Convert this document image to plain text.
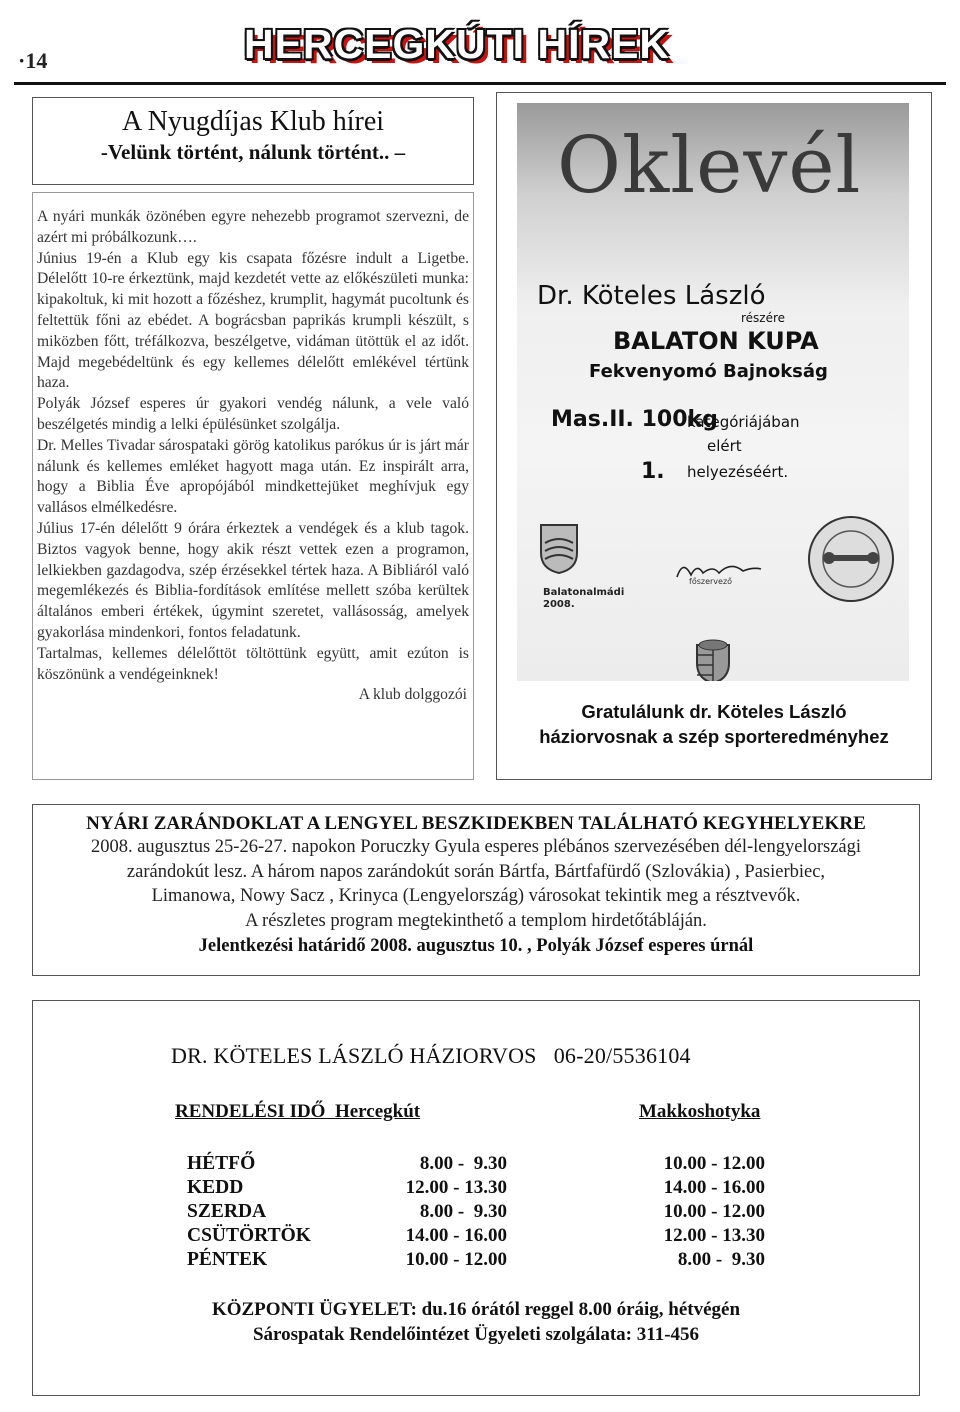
·14	HERCEGKÚTI HÍREK
A Nyugdíjas Klub hírei
-Velünk történt, nálunk történt.. –

A nyári munkák özönében egyre nehezebb programot szervezni, de azért mi próbálkozunk….

Június 19-én a Klub egy kis csapata főzésre indult a Ligetbe. Délelőtt 10-re érkeztünk, majd kezdetét vette az előkészületi munka: kipakoltuk, ki mit hozott a főzéshez, krumplit, hagymát pucoltunk és feltettük főni az ebédet. A bográcsban paprikás krumpli készült, s miközben főtt, tréfálkozva, beszélgetve, vidáman ütöttük el az időt. Majd megebédeltünk és egy kellemes délelőtt emlékével tértünk haza.

Polyák József esperes úr gyakori vendég nálunk, a vele való beszélgetés mindig a lelki épülésünket szolgálja.

Dr. Melles Tivadar sárospataki görög katolikus parókus úr is járt már nálunk és kellemes emléket hagyott maga után. Ez inspirált arra, hogy a Biblia Éve apropójából mindkettejüket meghívjuk egy vallásos elmélkedésre.

Július 17-én délelőtt 9 órára érkeztek a vendégek és a klub tagok. Biztos vagyok benne, hogy akik részt vettek ezen a programon, lelkiekben gazdagodva, szép érzésekkel tértek haza. A Bibliáról való megemlékezés és Biblia-fordítások említése mellett szóba kerültek általános emberi értékek, úgymint szeretet, vallásosság, amelyek gyakorlása mindenkori, fontos feladatunk.

Tartalmas, kellemes délelőttöt töltöttünk együtt, amit ezúton is köszönünk a vendégeinknek!

A klub dolggozói

Oklevél
Dr. Köteles László
részére
BALATON KUPA
Fekvenyomó Bajnokság
Mas.II. 100kg
kategóriájában
elért
1. helyezéséért.
Balatonalmádi
2008.
főszervező
Gratulálunk dr. Köteles László
háziorvosnak a szép sporteredményhez
NYÁRI ZARÁNDOKLAT A LENGYEL BESZKIDEKBEN TALÁLHATÓ KEGYHELYEKRE
2008. augusztus 25-26-27. napokon Poruczky Gyula esperes plébános szervezésében dél-lengyelországi
zarándokút lesz. A három napos zarándokút során Bártfa, Bártfafürdő (Szlovákia) , Pasierbiec,
Limanowa, Nowy Sacz , Krinyca (Lengyelország) városokat tekintik meg a résztvevők.
A részletes program megtekinthető a templom hirdetőtábláján.
Jelentkezési határidő 2008. augusztus 10. , Polyák József esperes úrnál
DR. KÖTELES LÁSZLÓ HÁZIORVOS   06-20/5536104
RENDELÉSI IDŐ  Hercegkút	Makkoshotyka
HÉTFŐ	8.00 -  9.30	10.00 - 12.00
KEDD	12.00 - 13.30	14.00 - 16.00
SZERDA	8.00 -  9.30	10.00 - 12.00
CSÜTÖRTÖK	14.00 - 16.00	12.00 - 13.30
PÉNTEK	10.00 - 12.00	8.00 -  9.30
KÖZPONTI ÜGYELET: du.16 órától reggel 8.00 óráig, hétvégén
Sárospatak Rendelőintézet Ügyeleti szolgálata: 311-456
